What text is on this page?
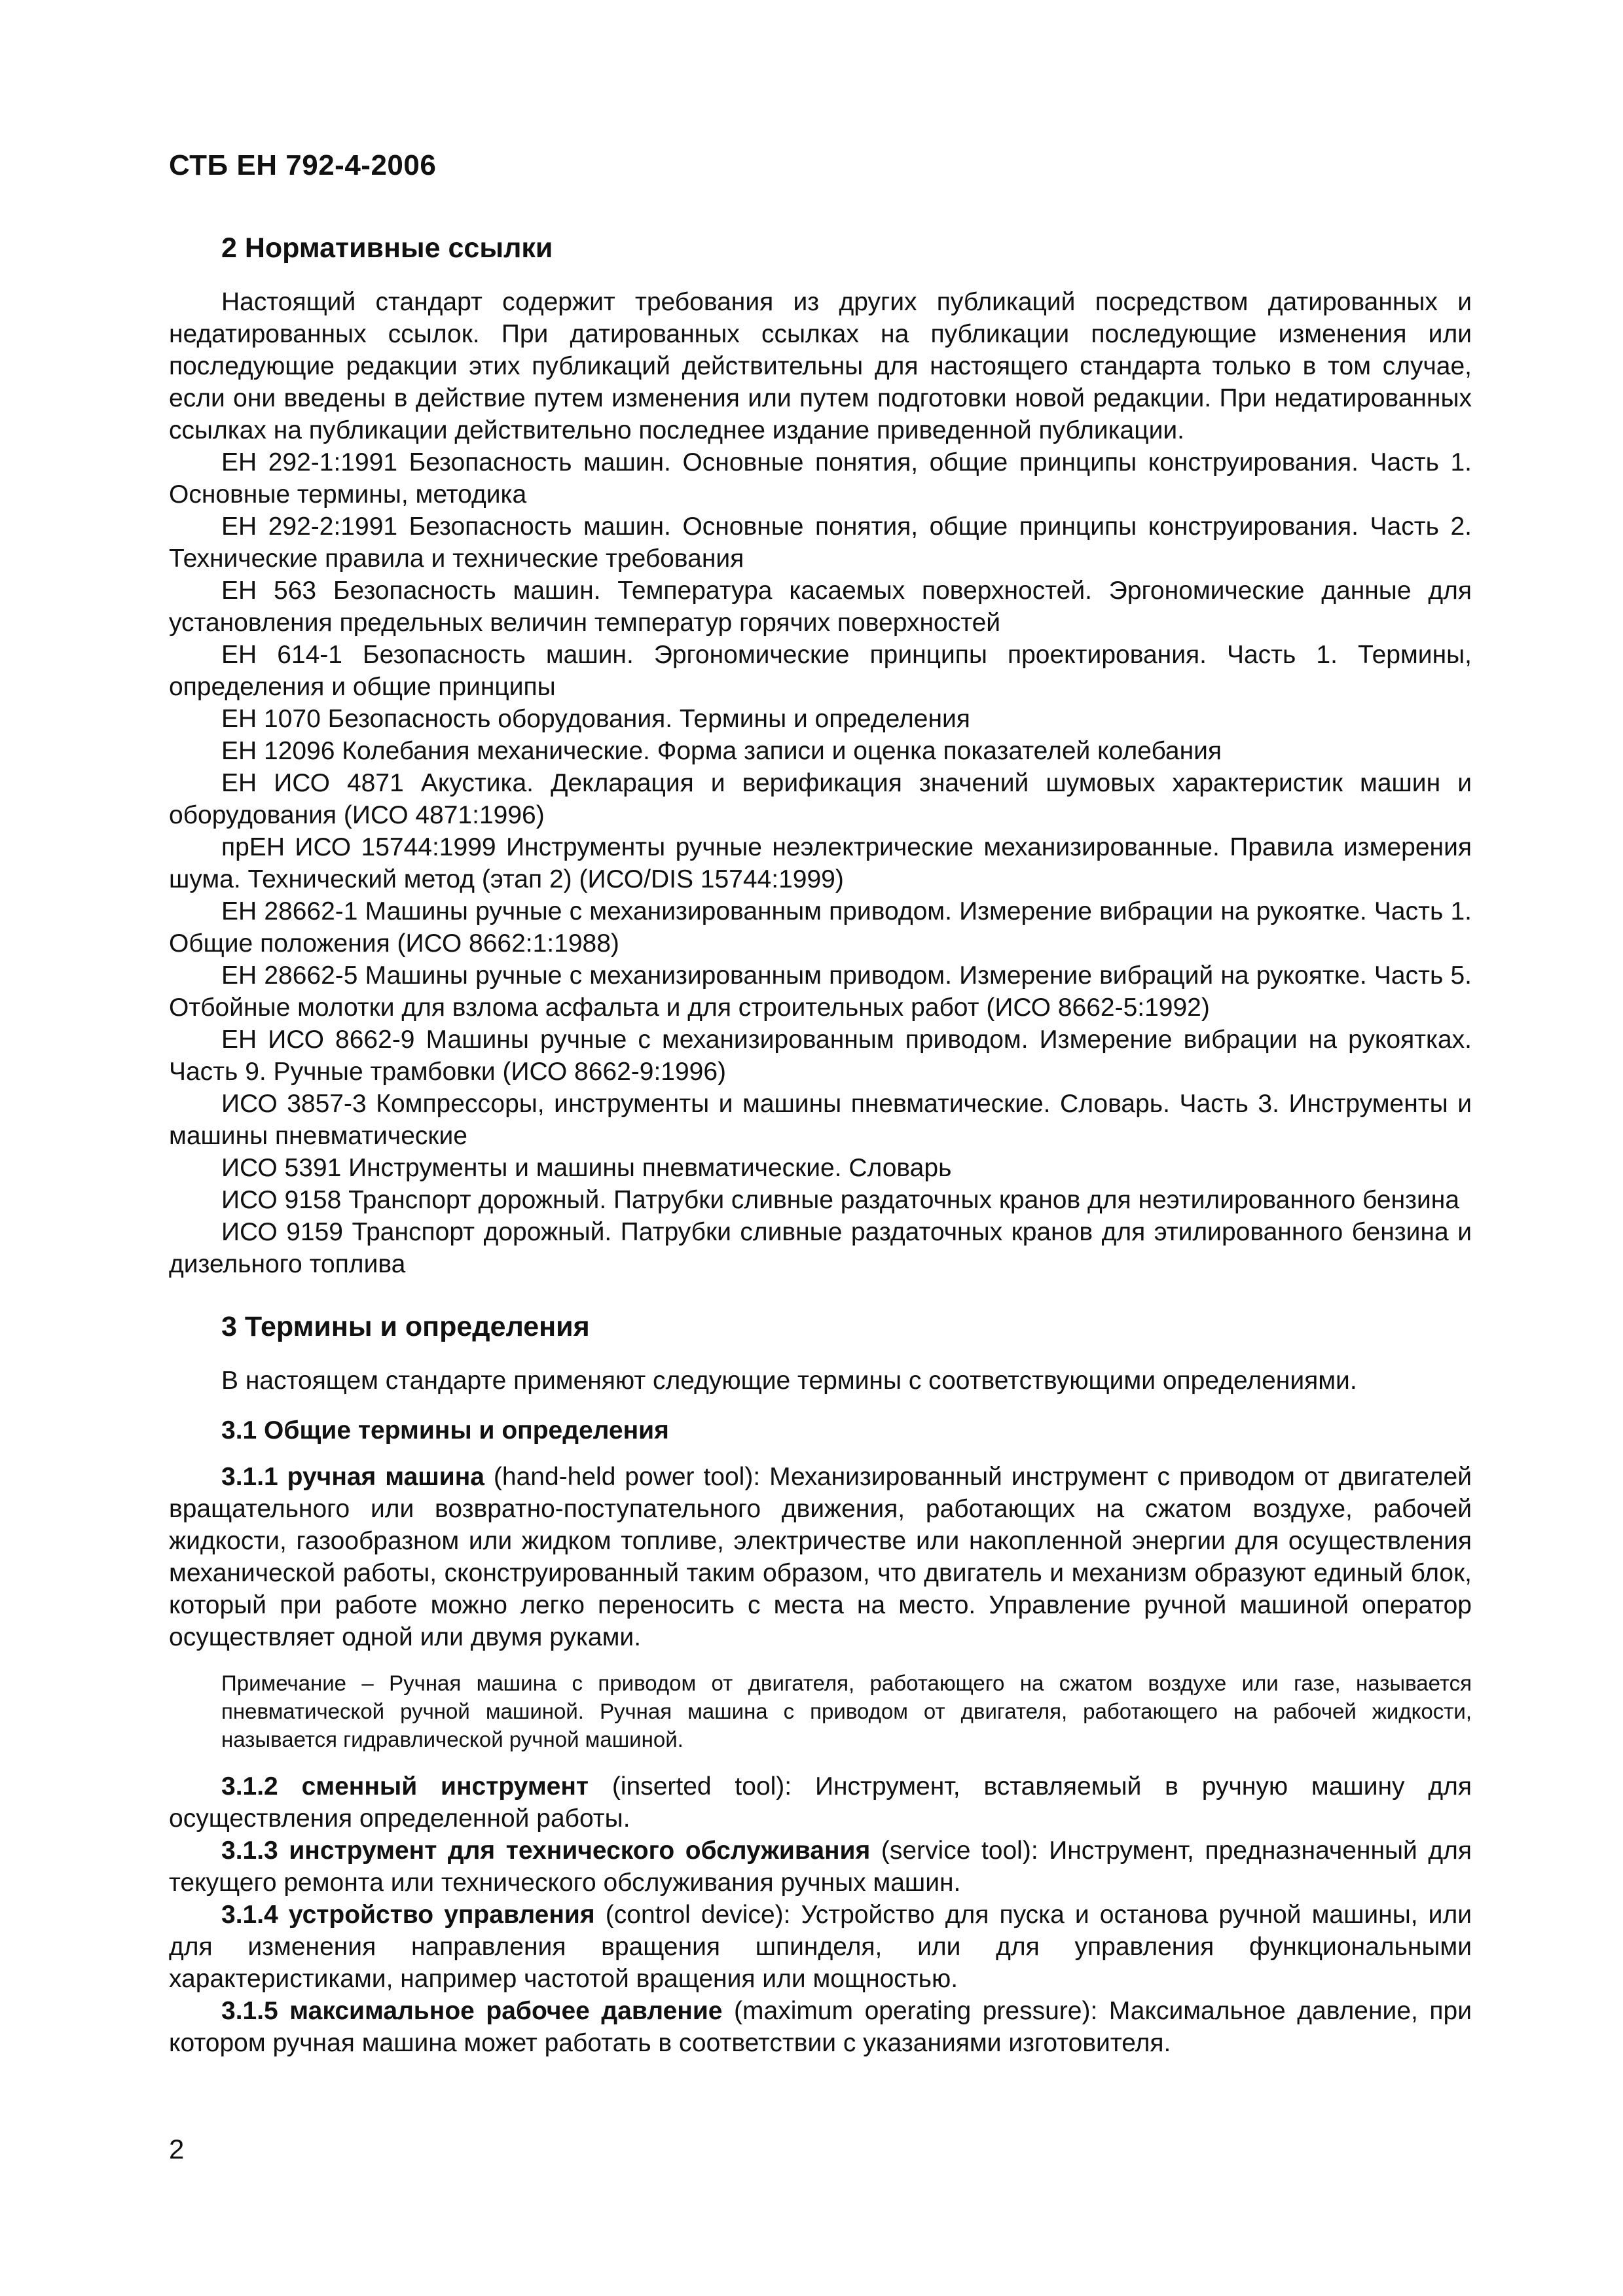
СТБ ЕН 792-4-2006
2 Нормативные ссылки

Настоящий стандарт содержит требования из других публикаций посредством датированных и недатированных ссылок. При датированных ссылках на публикации последующие изменения или последующие редакции этих публикаций действительны для настоящего стандарта только в том случае, если они введены в действие путем изменения или путем подготовки новой редакции. При недатированных ссылках на публикации действительно последнее издание приведенной публикации.

ЕН 292-1:1991 Безопасность машин. Основные понятия, общие принципы конструирования. Часть 1. Основные термины, методика

ЕН 292-2:1991 Безопасность машин. Основные понятия, общие принципы конструирования. Часть 2. Технические правила и технические требования

ЕН 563 Безопасность машин. Температура касаемых поверхностей. Эргономические данные для установления предельных величин температур горячих поверхностей

ЕН 614-1 Безопасность машин. Эргономические принципы проектирования. Часть 1. Термины, определения и общие принципы

ЕН 1070 Безопасность оборудования. Термины и определения

ЕН 12096 Колебания механические. Форма записи и оценка показателей колебания

ЕН ИСО 4871 Акустика. Декларация и верификация значений шумовых характеристик машин и оборудования (ИСО 4871:1996)

прЕН ИСО 15744:1999 Инструменты ручные неэлектрические механизированные. Правила измерения шума. Технический метод (этап 2) (ИСО/DIS 15744:1999)

ЕН 28662-1 Машины ручные с механизированным приводом. Измерение вибрации на рукоятке. Часть 1. Общие положения (ИСО 8662:1:1988)

ЕН 28662-5 Машины ручные с механизированным приводом. Измерение вибраций на рукоятке. Часть 5. Отбойные молотки для взлома асфальта и для строительных работ (ИСО 8662-5:1992)

ЕН ИСО 8662-9 Машины ручные с механизированным приводом. Измерение вибрации на рукоятках. Часть 9. Ручные трамбовки (ИСО 8662-9:1996)

ИСО 3857-3 Компрессоры, инструменты и машины пневматические. Словарь. Часть 3. Инструменты и машины пневматические

ИСО 5391 Инструменты и машины пневматические. Словарь

ИСО 9158 Транспорт дорожный. Патрубки сливные раздаточных кранов для неэтилированного бензина

ИСО 9159 Транспорт дорожный. Патрубки сливные раздаточных кранов для этилированного бензина и дизельного топлива

3 Термины и определения

В настоящем стандарте применяют следующие термины с соответствующими определениями.

3.1 Общие термины и определения

3.1.1 ручная машина (hand-held power tool): Механизированный инструмент с приводом от двигателей вращательного или возвратно-поступательного движения, работающих на сжатом воздухе, рабочей жидкости, газообразном или жидком топливе, электричестве или накопленной энергии для осуществления механической работы, сконструированный таким образом, что двигатель и механизм образуют единый блок, который при работе можно легко переносить с места на место. Управление ручной машиной оператор осуществляет одной или двумя руками.

Примечание – Ручная машина с приводом от двигателя, работающего на сжатом воздухе или газе, называется пневматической ручной машиной. Ручная машина с приводом от двигателя, работающего на рабочей жидкости, называется гидравлической ручной машиной.

3.1.2 сменный инструмент (inserted tool): Инструмент, вставляемый в ручную машину для осуществления определенной работы.

3.1.3 инструмент для технического обслуживания (service tool): Инструмент, предназначенный для текущего ремонта или технического обслуживания ручных машин.

3.1.4 устройство управления (control device): Устройство для пуска и останова ручной машины, или для изменения направления вращения шпинделя, или для управления функциональными характеристиками, например частотой вращения или мощностью.

3.1.5 максимальное рабочее давление (maximum operating pressure): Максимальное давление, при котором ручная машина может работать в соответствии с указаниями изготовителя.

2
